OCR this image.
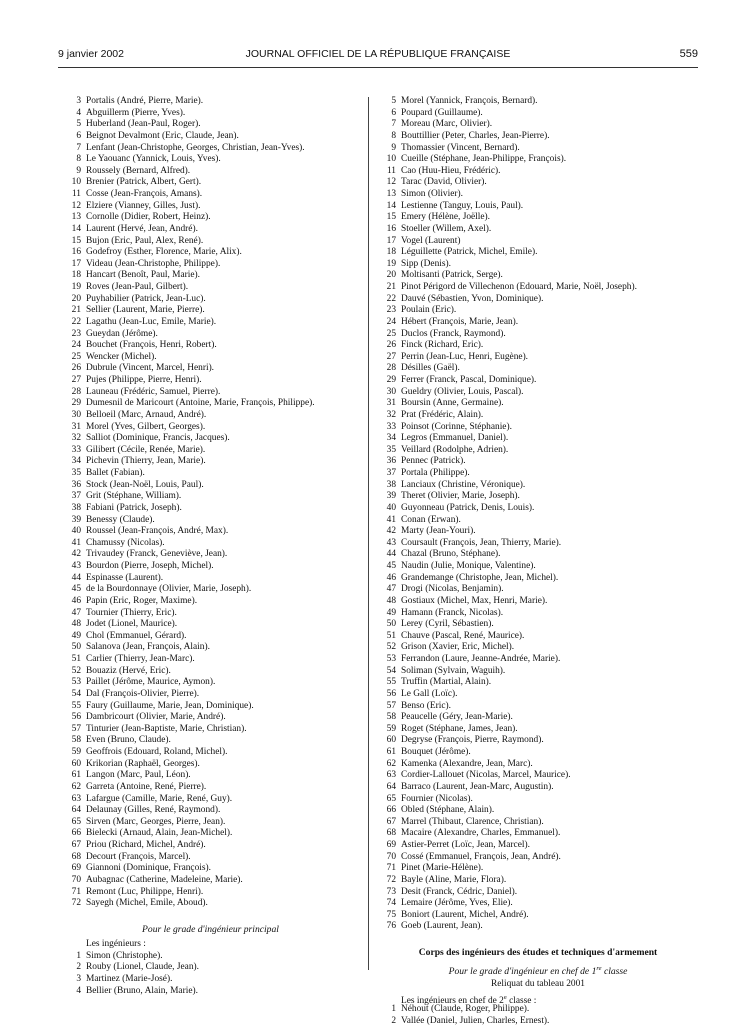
9 janvier 2002	JOURNAL OFFICIEL DE LA RÉPUBLIQUE FRANÇAISE	559
3 Portalis (André, Pierre, Marie).
4 Abguillerm (Pierre, Yves).
5 Huberland (Jean-Paul, Roger).
6 Beignot Devalmont (Eric, Claude, Jean).
7 Lenfant (Jean-Christophe, Georges, Christian, Jean-Yves).
8 Le Yaouanc (Yannick, Louis, Yves).
9 Roussely (Bernard, Alfred).
10 Brenier (Patrick, Albert, Gert).
11 Cosse (Jean-François, Amans).
12 Elziere (Vianney, Gilles, Just).
13 Cornolle (Didier, Robert, Heinz).
14 Laurent (Hervé, Jean, André).
15 Bujon (Eric, Paul, Alex, René).
16 Godefroy (Esther, Florence, Marie, Alix).
17 Videau (Jean-Christophe, Philippe).
18 Hancart (Benoît, Paul, Marie).
19 Roves (Jean-Paul, Gilbert).
20 Puyhabilier (Patrick, Jean-Luc).
21 Sellier (Laurent, Marie, Pierre).
22 Lagathu (Jean-Luc, Emile, Marie).
23 Gueydan (Jérôme).
24 Bouchet (François, Henri, Robert).
25 Wencker (Michel).
26 Dubrule (Vincent, Marcel, Henri).
27 Pujes (Philippe, Pierre, Henri).
28 Launeau (Frédéric, Samuel, Pierre).
29 Dumesnil de Maricourt (Antoine, Marie, François, Philippe).
30 Belloeil (Marc, Arnaud, André).
31 Morel (Yves, Gilbert, Georges).
32 Salliot (Dominique, Francis, Jacques).
33 Gilibert (Cécile, Renée, Marie).
34 Pichevin (Thierry, Jean, Marie).
35 Ballet (Fabian).
36 Stock (Jean-Noël, Louis, Paul).
37 Grit (Stéphane, William).
38 Fabiani (Patrick, Joseph).
39 Benessy (Claude).
40 Roussel (Jean-François, André, Max).
41 Chamussy (Nicolas).
42 Trivaudey (Franck, Geneviève, Jean).
43 Bourdon (Pierre, Joseph, Michel).
44 Espinasse (Laurent).
45 de la Bourdonnaye (Olivier, Marie, Joseph).
46 Papin (Eric, Roger, Maxime).
47 Tournier (Thierry, Eric).
48 Jodet (Lionel, Maurice).
49 Chol (Emmanuel, Gérard).
50 Salanova (Jean, François, Alain).
51 Carlier (Thierry, Jean-Marc).
52 Bouaziz (Hervé, Eric).
53 Paillet (Jérôme, Maurice, Aymon).
54 Dal (François-Olivier, Pierre).
55 Faury (Guillaume, Marie, Jean, Dominique).
56 Dambricourt (Olivier, Marie, André).
57 Tinturier (Jean-Baptiste, Marie, Christian).
58 Even (Bruno, Claude).
59 Geoffrois (Edouard, Roland, Michel).
60 Krikorian (Raphaël, Georges).
61 Langon (Marc, Paul, Léon).
62 Garreta (Antoine, René, Pierre).
63 Lafargue (Camille, Marie, René, Guy).
64 Delaunay (Gilles, René, Raymond).
65 Sirven (Marc, Georges, Pierre, Jean).
66 Bielecki (Arnaud, Alain, Jean-Michel).
67 Priou (Richard, Michel, André).
68 Decourt (François, Marcel).
69 Giannoni (Dominique, François).
70 Aubagnac (Catherine, Madeleine, Marie).
71 Remont (Luc, Philippe, Henri).
72 Sayegh (Michel, Emile, Aboud).
Pour le grade d'ingénieur principal
Les ingénieurs :
1 Simon (Christophe).
2 Rouby (Lionel, Claude, Jean).
3 Martinez (Marie-José).
4 Bellier (Bruno, Alain, Marie).
5 Morel (Yannick, François, Bernard).
6 Poupard (Guillaume).
7 Moreau (Marc, Olivier).
8 Bouttillier (Peter, Charles, Jean-Pierre).
9 Thomassier (Vincent, Bernard).
10 Cueille (Stéphane, Jean-Philippe, François).
11 Cao (Huu-Hieu, Frédéric).
12 Tarac (David, Olivier).
13 Simon (Olivier).
14 Lestienne (Tanguy, Louis, Paul).
15 Emery (Hélène, Joëlle).
16 Stoeller (Willem, Axel).
17 Vogel (Laurent)
18 Léguillette (Patrick, Michel, Emile).
19 Sipp (Denis).
20 Moltisanti (Patrick, Serge).
21 Pinot Périgord de Villechenon (Edouard, Marie, Noël, Joseph).
22 Dauvé (Sébastien, Yvon, Dominique).
23 Poulain (Eric).
24 Hébert (François, Marie, Jean).
25 Duclos (Franck, Raymond).
26 Finck (Richard, Eric).
27 Perrin (Jean-Luc, Henri, Eugène).
28 Désilles (Gaël).
29 Ferrer (Franck, Pascal, Dominique).
30 Gueldry (Olivier, Louis, Pascal).
31 Boursin (Anne, Germaine).
32 Prat (Frédéric, Alain).
33 Poinsot (Corinne, Stéphanie).
34 Legros (Emmanuel, Daniel).
35 Veillard (Rodolphe, Adrien).
36 Pennec (Patrick).
37 Portala (Philippe).
38 Lanciaux (Christine, Véronique).
39 Theret (Olivier, Marie, Joseph).
40 Guyonneau (Patrick, Denis, Louis).
41 Conan (Erwan).
42 Marty (Jean-Youri).
43 Coursault (François, Jean, Thierry, Marie).
44 Chazal (Bruno, Stéphane).
45 Naudin (Julie, Monique, Valentine).
46 Grandemange (Christophe, Jean, Michel).
47 Drogi (Nicolas, Benjamin).
48 Gostiaux (Michel, Max, Henri, Marie).
49 Hamann (Franck, Nicolas).
50 Lerey (Cyril, Sébastien).
51 Chauve (Pascal, René, Maurice).
52 Grison (Xavier, Eric, Michel).
53 Ferrandon (Laure, Jeanne-Andrée, Marie).
54 Soliman (Sylvain, Waguih).
55 Truffin (Martial, Alain).
56 Le Gall (Loïc).
57 Benso (Eric).
58 Peaucelle (Géry, Jean-Marie).
59 Roget (Stéphane, James, Jean).
60 Degryse (François, Pierre, Raymond).
61 Bouquet (Jérôme).
62 Kamenka (Alexandre, Jean, Marc).
63 Cordier-Lallouet (Nicolas, Marcel, Maurice).
64 Barraco (Laurent, Jean-Marc, Augustin).
65 Fournier (Nicolas).
66 Obled (Stéphane, Alain).
67 Marrel (Thibaut, Clarence, Christian).
68 Macaire (Alexandre, Charles, Emmanuel).
69 Astier-Perret (Loïc, Jean, Marcel).
70 Cossé (Emmanuel, François, Jean, André).
71 Pinet (Marie-Hélène).
72 Bayle (Aline, Marie, Flora).
73 Desit (Franck, Cédric, Daniel).
74 Lemaire (Jérôme, Yves, Elie).
75 Boniort (Laurent, Michel, André).
76 Goeb (Laurent, Jean).
Corps des ingénieurs des études et techniques d'armement
Pour le grade d'ingénieur en chef de 1re classe
Reliquat du tableau 2001
Les ingénieurs en chef de 2e classe :
1 Néhout (Claude, Roger, Philippe).
2 Vallée (Daniel, Julien, Charles, Ernest).
